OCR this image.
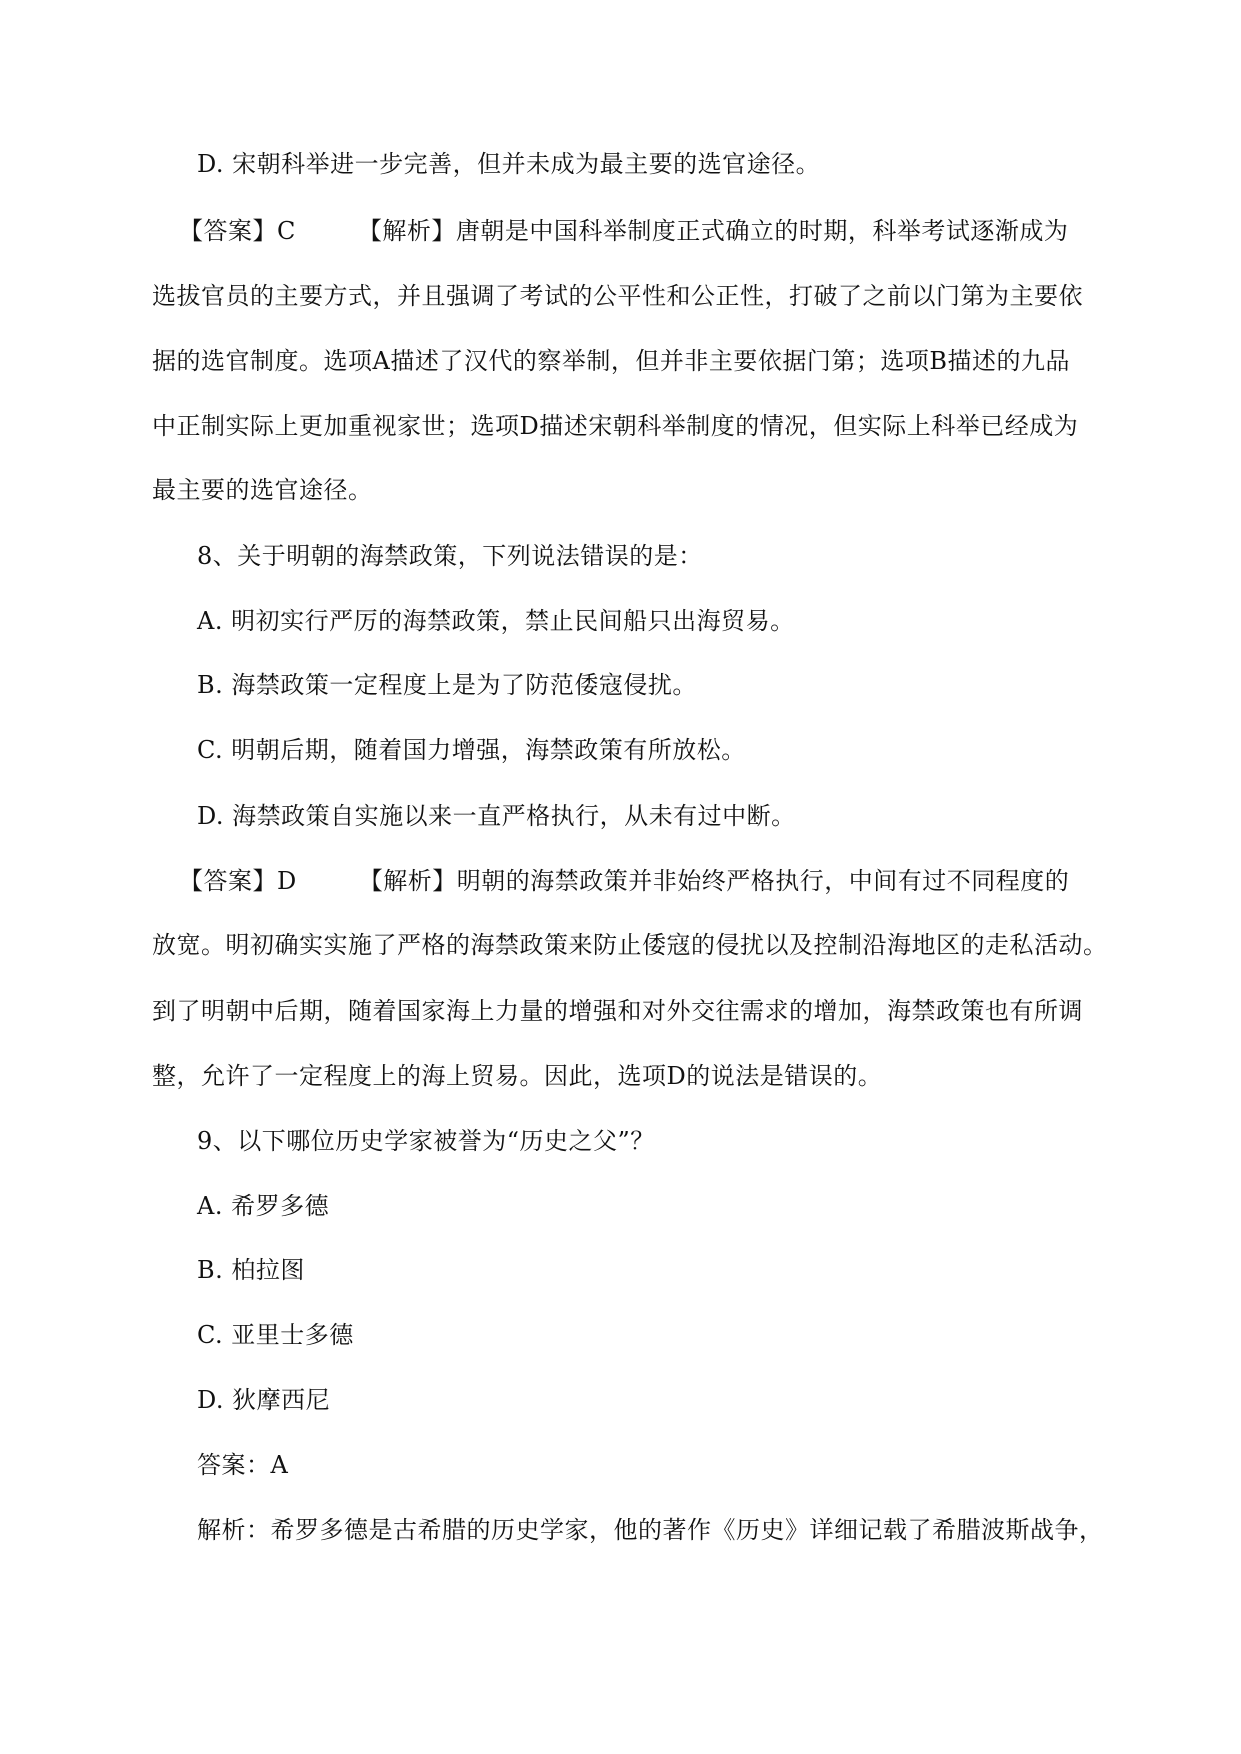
D. 宋朝科举进一步完善，但并未成为最主要的选官途径。
【答案】C	【解析】唐朝是中国科举制度正式确立的时期，科举考试逐渐成为
选拔官员的主要方式，并且强调了考试的公平性和公正性，打破了之前以门第为主要依
据的选官制度。选项A描述了汉代的察举制，但并非主要依据门第；选项B描述的九品
中正制实际上更加重视家世；选项D描述宋朝科举制度的情况，但实际上科举已经成为
最主要的选官途径。
8、关于明朝的海禁政策，下列说法错误的是：
A. 明初实行严厉的海禁政策，禁止民间船只出海贸易。
B. 海禁政策一定程度上是为了防范倭寇侵扰。
C. 明朝后期，随着国力增强，海禁政策有所放松。
D. 海禁政策自实施以来一直严格执行，从未有过中断。
【答案】D	【解析】明朝的海禁政策并非始终严格执行，中间有过不同程度的
放宽。明初确实实施了严格的海禁政策来防止倭寇的侵扰以及控制沿海地区的走私活动。
到了明朝中后期，随着国家海上力量的增强和对外交往需求的增加，海禁政策也有所调
整，允许了一定程度上的海上贸易。因此，选项D的说法是错误的。
9、以下哪位历史学家被誉为“历史之父”？
A. 希罗多德
B. 柏拉图
C. 亚里士多德
D. 狄摩西尼
答案：A
解析：希罗多德是古希腊的历史学家，他的著作《历史》详细记载了希腊波斯战争，
